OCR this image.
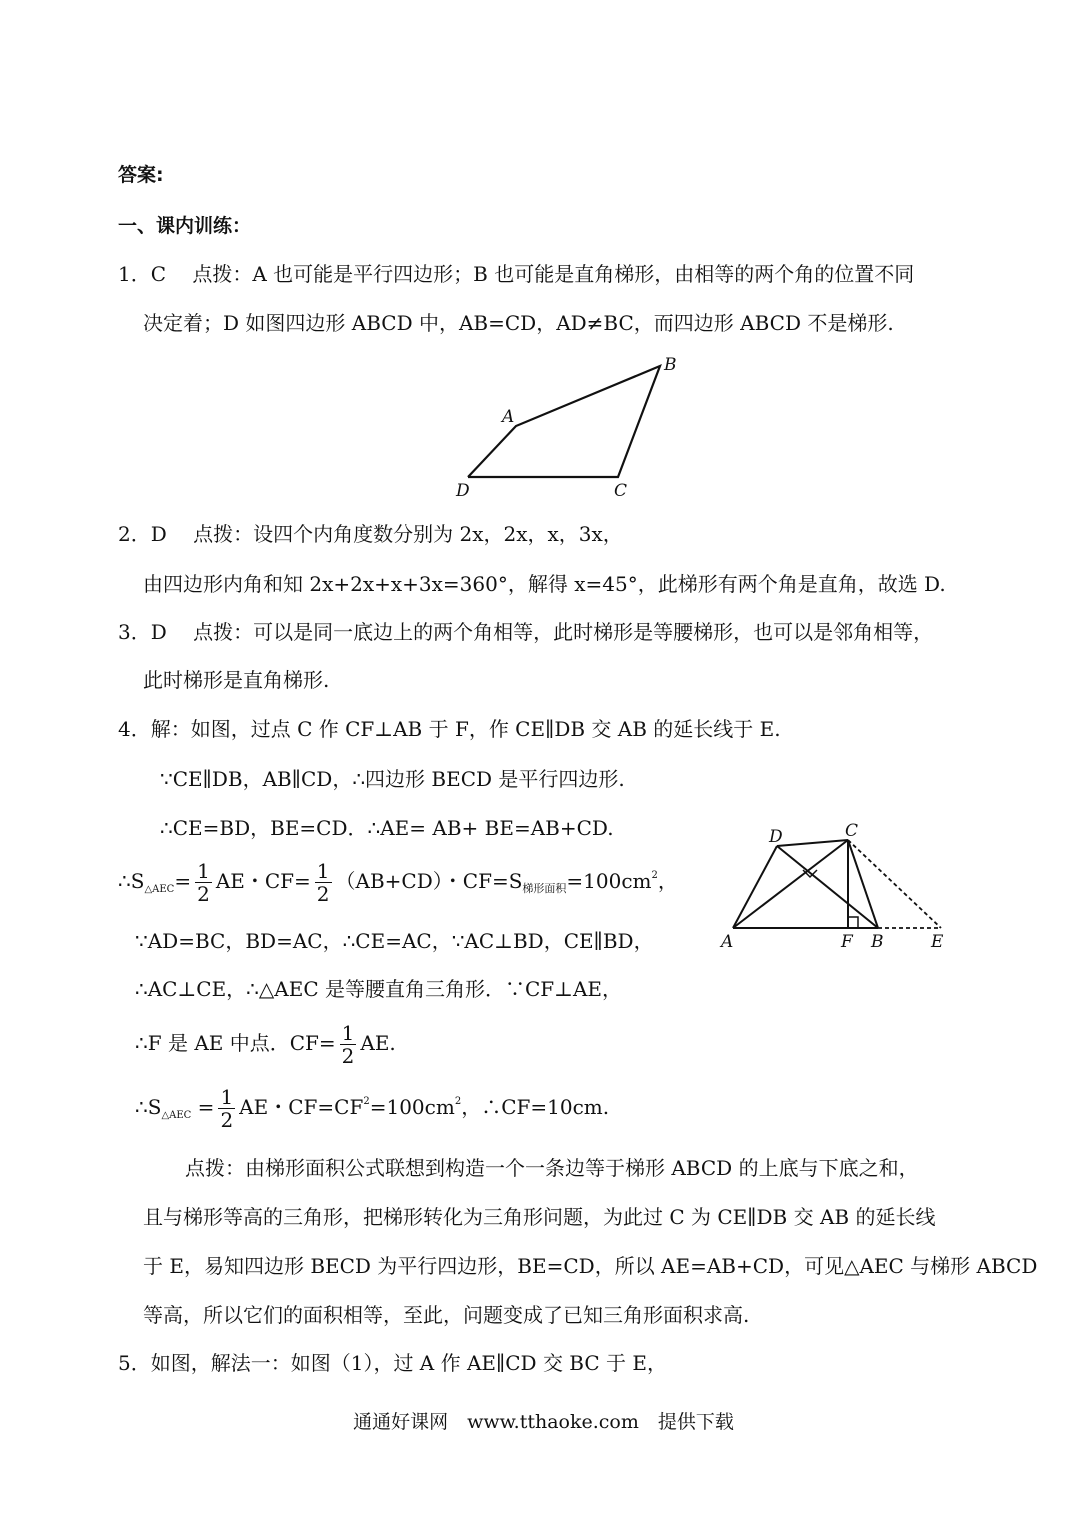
答案:
一、课内训练：
1．C　 点拨：A 也可能是平行四边形；B 也可能是直角梯形，由相等的两个角的位置不同
决定着；D 如图四边形 ABCD 中，AB=CD，AD≠BC，而四边形 ABCD 不是梯形.
A
B
C
D
2．D　 点拨：设四个内角度数分别为 2x，2x，x，3x，
由四边形内角和知 2x+2x+x+3x=360°，解得 x=45°，此梯形有两个角是直角，故选 D.
3．D　 点拨：可以是同一底边上的两个角相等，此时梯形是等腰梯形，也可以是邻角相等，
此时梯形是直角梯形.
4．解：如图，过点 C 作 CF⊥AB 于 F，作 CE∥DB 交 AB 的延长线于 E.
∵CE∥DB，AB∥CD，∴四边形 BECD 是平行四边形.
∴CE=BD，BE=CD．∴AE= AB+ BE=AB+CD.
$\therefore S_{\triangle AEC}= \frac{1}{2}$ AE・$CF= \frac{1}{2} (AB+CD)$・$CF=S_{梯形面积}=100cm^2$，
∵AD=BC，BD=AC，∴CE=AC，∵AC⊥BD，CE∥BD，
∴AC⊥CE，∴△AEC 是等腰直角三角形．∵CF⊥AE，
∴F 是 AE 中点．$CF= \frac{1}{2}$ AE.
$\therefore S_{\triangle AEC} = \frac{1}{2}$ AE・$CF=CF^2=100cm^2$，∴CF=10cm.
D	C
A	F B	E
点拨：由梯形面积公式联想到构造一个一条边等于梯形 ABCD 的上底与下底之和，
且与梯形等高的三角形，把梯形转化为三角形问题，为此过 C 为 CE∥DB 交 AB 的延长线
于 E，易知四边形 BECD 为平行四边形，BE=CD，所以 AE=AB+CD，可见△AEC 与梯形 ABCD
等高，所以它们的面积相等，至此，问题变成了已知三角形面积求高.
5．如图，解法一：如图（1），过 A 作 AE∥CD 交 BC 于 E，
通通好课网　www.tthaoke.com　提供下载
